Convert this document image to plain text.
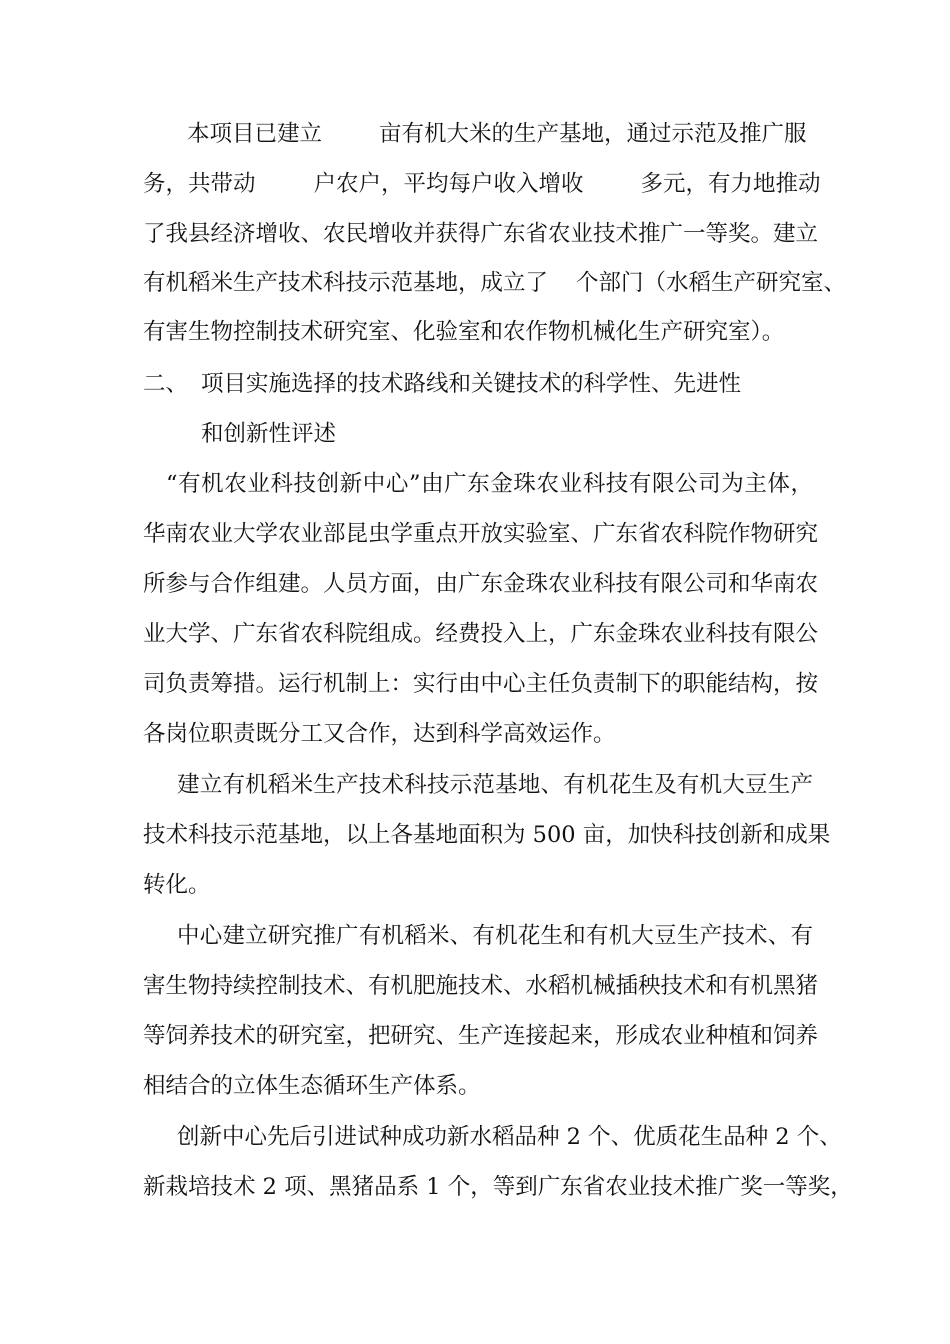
本项目已建立	亩有机大米的生产基地，通过示范及推广服
务，共带动	户农户，平均每户收入增收	多元，有力地推动
了我县经济增收、农民增收并获得广东省农业技术推广一等奖。建立
有机稻米生产技术科技示范基地，成立了 个部门（水稻生产研究室、
有害生物控制技术研究室、化验室和农作物机械化生产研究室）。
二、 项目实施选择的技术路线和关键技术的科学性、先进性
和创新性评述
“有机农业科技创新中心”由广东金珠农业科技有限公司为主体，
华南农业大学农业部昆虫学重点开放实验室、广东省农科院作物研究
所参与合作组建。人员方面，由广东金珠农业科技有限公司和华南农
业大学、广东省农科院组成。经费投入上，广东金珠农业科技有限公
司负责筹措。运行机制上：实行由中心主任负责制下的职能结构，按
各岗位职责既分工又合作，达到科学高效运作。
建立有机稻米生产技术科技示范基地、有机花生及有机大豆生产
技术科技示范基地，以上各基地面积为 500 亩，加快科技创新和成果
转化。
中心建立研究推广有机稻米、有机花生和有机大豆生产技术、有
害生物持续控制技术、有机肥施技术、水稻机械插秧技术和有机黑猪
等饲养技术的研究室，把研究、生产连接起来，形成农业种植和饲养
相结合的立体生态循环生产体系。
创新中心先后引进试种成功新水稻品种 2 个、优质花生品种 2 个、
新栽培技术 2 项、黑猪品系 1 个，等到广东省农业技术推广奖一等奖，
